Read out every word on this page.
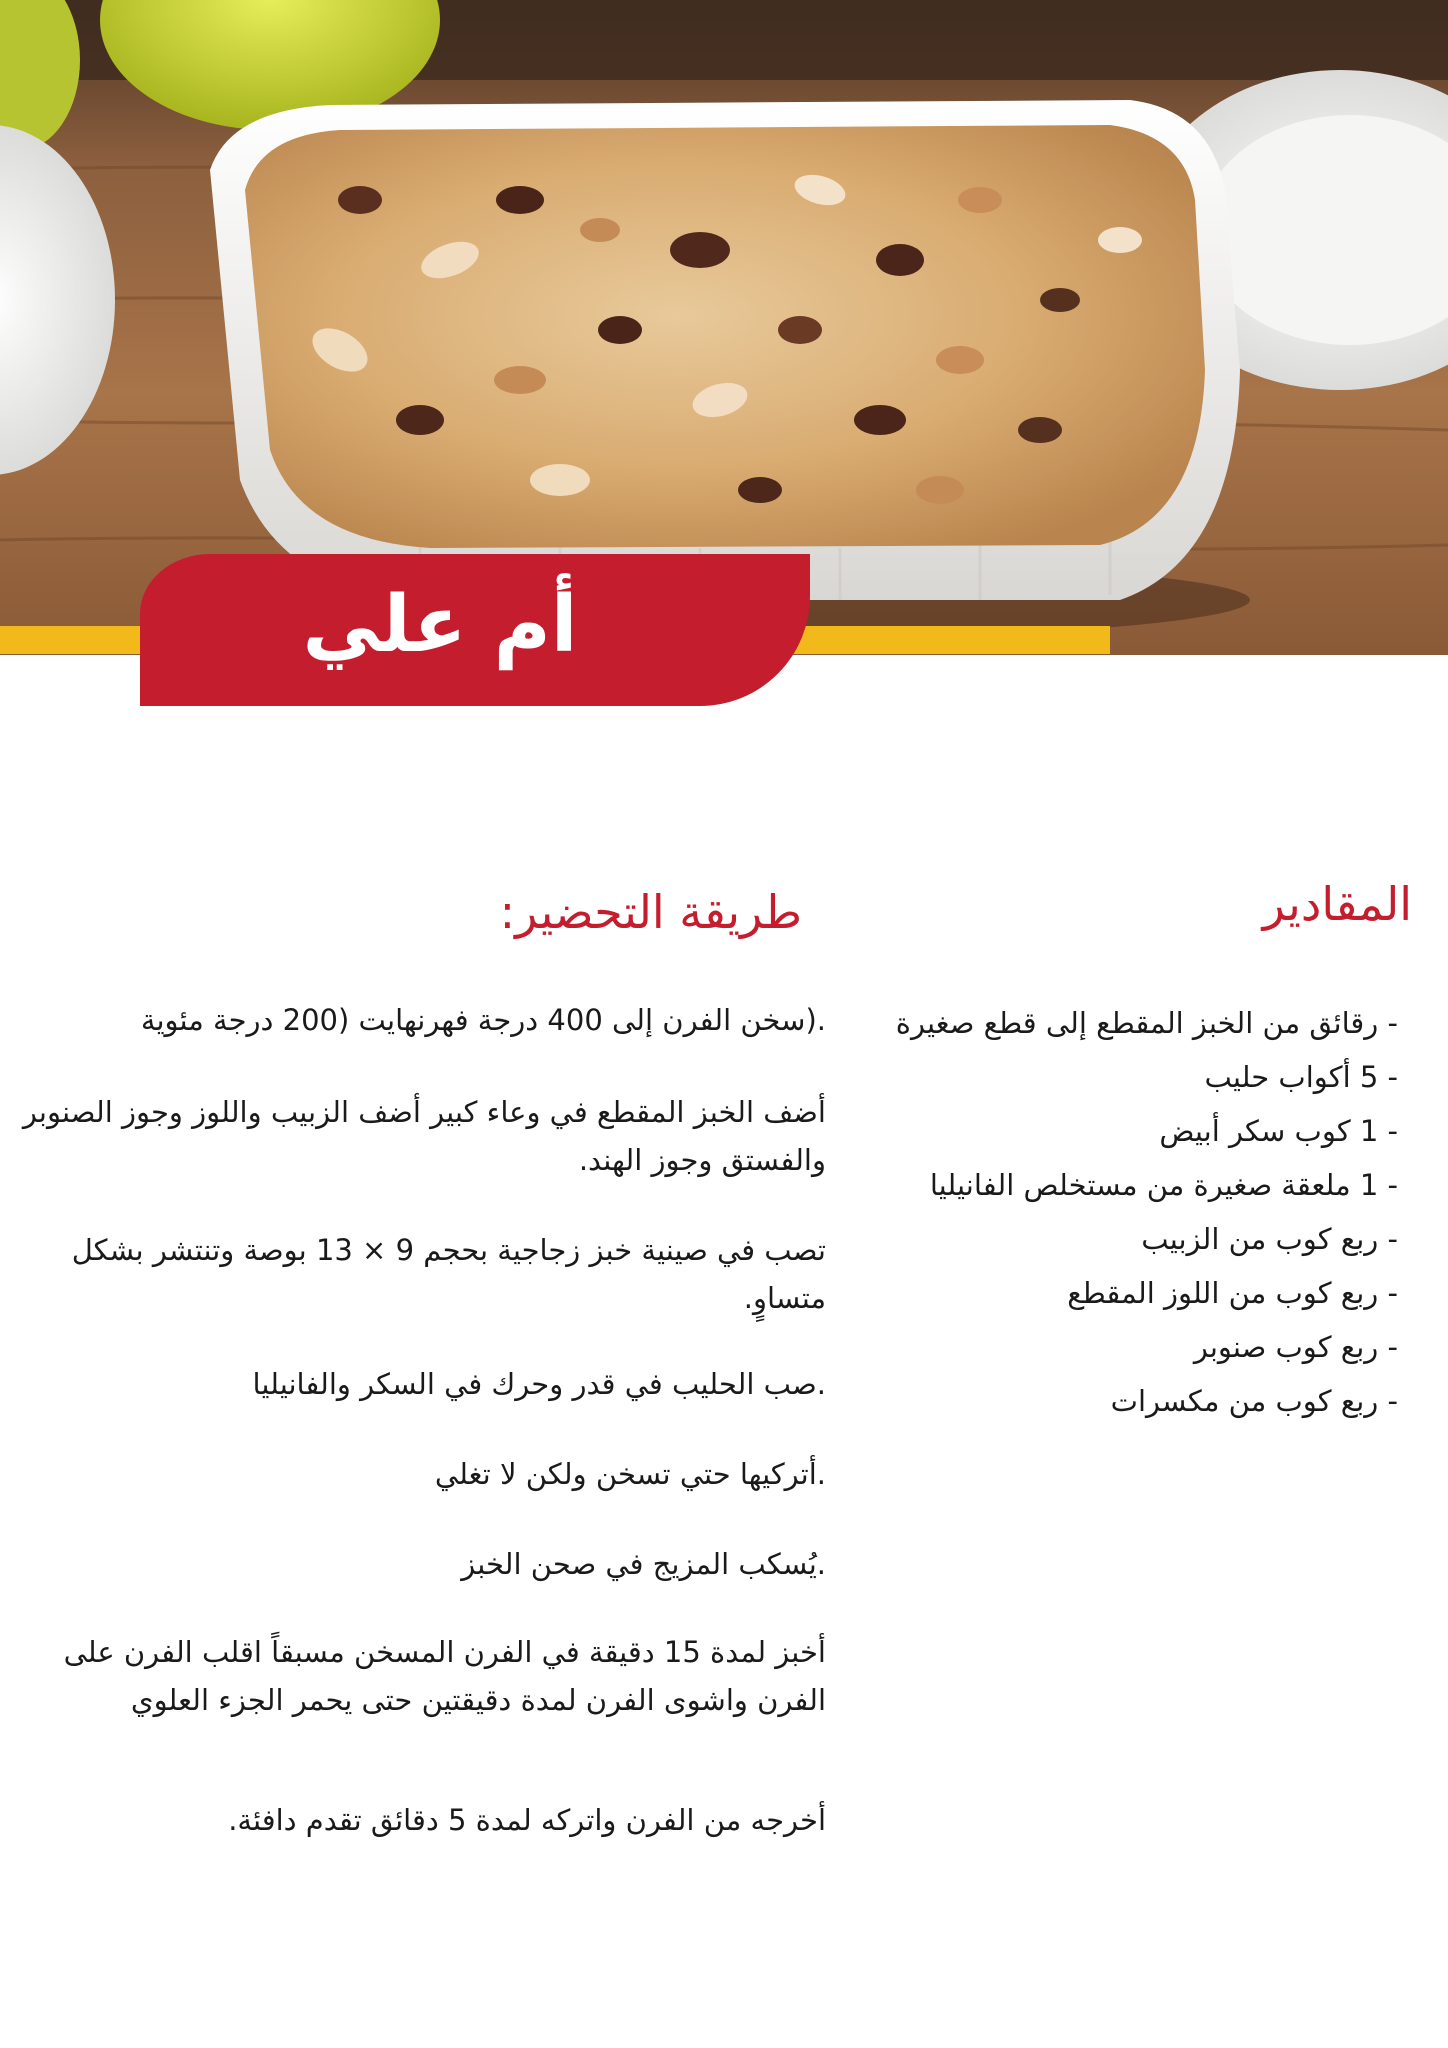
أم علي
المقادير
طريقة التحضير:
- رقائق من الخبز المقطع إلى قطع صغيرة
- 5 أكواب حليب
- 1 كوب سكر أبيض
- 1 ملعقة صغيرة من مستخلص الفانيليا
- ربع كوب من الزبيب
- ربع كوب من اللوز المقطع
- ربع كوب صنوبر
- ربع كوب من مكسرات

.(سخن الفرن إلى 400 درجة فهرنهايت (200 درجة مئوية

أضف الخبز المقطع في وعاء كبير أضف الزبيب واللوز وجوز الصنوبر والفستق وجوز الهند.

تصب في صينية خبز زجاجية بحجم 9 × 13 بوصة وتنتشر بشكل متساوٍ.

.صب الحليب في قدر وحرك في السكر والفانيليا

.أتركيها حتي تسخن ولكن لا تغلي

.يُسكب المزيج في صحن الخبز

أخبز لمدة 15 دقيقة في الفرن المسخن مسبقاً اقلب الفرن على الفرن واشوى الفرن لمدة دقيقتين حتى يحمر الجزء العلوي

أخرجه من الفرن واتركه لمدة 5 دقائق تقدم دافئة.
